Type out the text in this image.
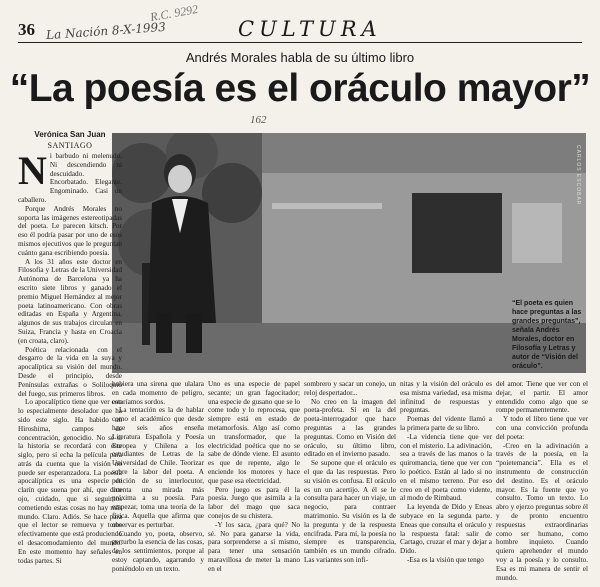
36 La Nación 8-X-1993
R.C. 9292
CULTURA
Andrés Morales habla de su último libro
“La poesía es el oráculo mayor”
162
Verónica San Juan
SANTIAGO	CARLOS ESCOBAR
“El poeta es quien hace preguntas a las grandes preguntas”, señala Andrés Morales, doctor en Filosofía y Letras y autor de “Visión del oráculo”.
N i barbudo ni melenudo. Ni descendiendo ni descuidado. Encorbatado. Elegante. Engominado. Casi un caballero.

Porque Andrés Morales no soporta las imágenes estereotipadas del poeta. Le parecen kitsch. Por eso él podría pasar por uno de esos mismos ejecutivos que le preguntan cuánto gana escribiendo poesía.

A los 31 años este doctor en Filosofía y Letras de la Universidad Autónoma de Barcelona ya ha escrito siete libros y ganado el premio Miguel Hernández al mejor poeta latinoamericano. Con obras editadas en España y Argentina, algunos de sus trabajos circulan en Suiza, Francia y hasta en Croacia (en croata, claro).

Poética relacionada con el desgarro de la vida en la suya y apocalíptica su visión del mundo. Desde el principio, desde Penínsulas extrañas o Soliloquio del fuego, sus primeros libros.

Lo apocalíptico tiene que ver con lo especialmente desolador que ha sido este siglo. Ha habido un Hiroshima, campos de concentración, genocidio. No sé si la historia se recordará con este siglo, pero sí echa la película para atrás da cuenta que la visión no puede ser esperanzadora. La poesía apocalíptica es una especie de clarín que suena por ahí, que dice ojo, cuidado, que si seguimos cometiendo estas cosas no hay más mundo. Claro. Adiós. Se hace para que el lector se remueva y tome efectivamente que está produciendo el desacomodamiento del mundo. En este momento hay señales en todas partes. Si

hubiera una sirena que ulalara en cada momento de peligro, estaríamos sordos.

La tentación es la de hablar como el académico que desde hace seis años enseña Literatura Española y Poesía Europea y Chilena a los estudiantes de Letras de la Universidad de Chile. Teorizar sobre la labor del poeta. A petición de su interlocutor, intenta una mirada más próxima a su poesía. Para empezar, toma una teoría de la física. Aquella que afirma que observar es perturbar.

Cuando yo, poeta, observo, perturbo la esencia de las cosas, de los sentimientos, porque al estoy captando, agarrando y poniéndolo en un texto.

Uno es una especie de papel secante; un gran fagocitador; una especie de gusano que se lo come todo y lo reprocesa, que siempre está en estado de metamorfosis. Algo así como un transformador, que la electricidad poética que no se sabe de dónde viene. El asunto es que de repente, algo le enciende los motores y hace que pase esa electricidad.

Pero juego es para él la poesía. Juego que asimila a la labor del mago que saca conejos de su chistera.

-Y los saca, ¿para qué? No sé. No para ganarse la vida, para sorprenderse a sí mismo, para tener una sensación maravillosa de meter la mano en el

sombrero y sacar un conejo, un reloj despertador...

No creo en la imagen del poeta-profeta. Sí en la del poeta-interrogador que hace preguntas a las grandes preguntas. Como en Visión del oráculo, su último libro, editado en el invierno pasado.

Se supone que el oráculo es el que da las respuestas. Pero su visión es confusa. El oráculo es un un acertijo. A él se le consulta para hacer un viaje, un negocio, para contraer matrimonio. Su visión es la de la pregunta y de la respuesta encifrada. Para mí, la poesía no siempre es transparencia, también es un mundo cifrado. Las variantes son infi-

nitas y la visión del oráculo es esa misma variedad, esa misma infinitud de respuestas y preguntas.

Poemas del vidente llamó a la primera parte de su libro.

-La videncia tiene que ver con el misterio. La adivinación, sea a través de las manos o la quiromancia, tiene que ver con lo poético. Están al lado si no en el mismo terreno. Por eso creo en el poeta como vidente, al modo de Rimbaud.

La leyenda de Dido y Eneas subyace en la segunda parte. Eneas que consulta el oráculo y la respuesta fatal: salir de Cartago, cruzar el mar y dejar a Dido.

-Esa es la visión que tengo

del amor. Tiene que ver con el dejar, el partir. El amor entendido como algo que se rompe permanentemente.

Y todo el libro tiene que ver con una convicción profunda del poeta:

-Creo en la adivinación a través de la poesía, en la “poietemancia”. Ella es el instrumento de construcción del destino. Es el oráculo mayor. Es la fuente que yo consulto. Tomo un texto. Lo abro y ejerzo preguntas sobre él y de pronto encuentro respuestas extraordinarias como ser humano, como hombre inquieto. Cuando quiero aprehender el mundo voy a la poesía y lo consulto. Esa es mi manera de sentir el mundo.
